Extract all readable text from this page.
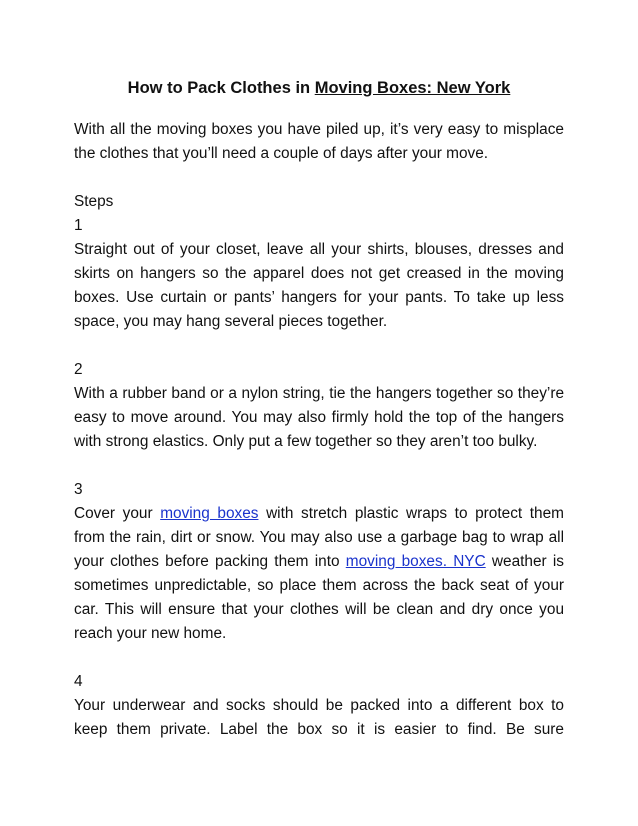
How to Pack Clothes in Moving Boxes: New York

With all the moving boxes you have piled up, it’s very easy to misplace the clothes that you’ll need a couple of days after your move.

Steps

1

Straight out of your closet, leave all your shirts, blouses, dresses and skirts on hangers so the apparel does not get creased in the moving boxes. Use curtain or pants’ hangers for your pants. To take up less space, you may hang several pieces together.

2

With a rubber band or a nylon string, tie the hangers together so they’re easy to move around. You may also firmly hold the top of the hangers with strong elastics. Only put a few together so they aren’t too bulky.

3

Cover your moving boxes with stretch plastic wraps to protect them from the rain, dirt or snow. You may also use a garbage bag to wrap all your clothes before packing them into moving boxes. NYC weather is sometimes unpredictable, so place them across the back seat of your car. This will ensure that your clothes will be clean and dry once you reach your new home.

4

Your underwear and socks should be packed into a different box to keep them private. Label the box so it is easier to find. Be sure
